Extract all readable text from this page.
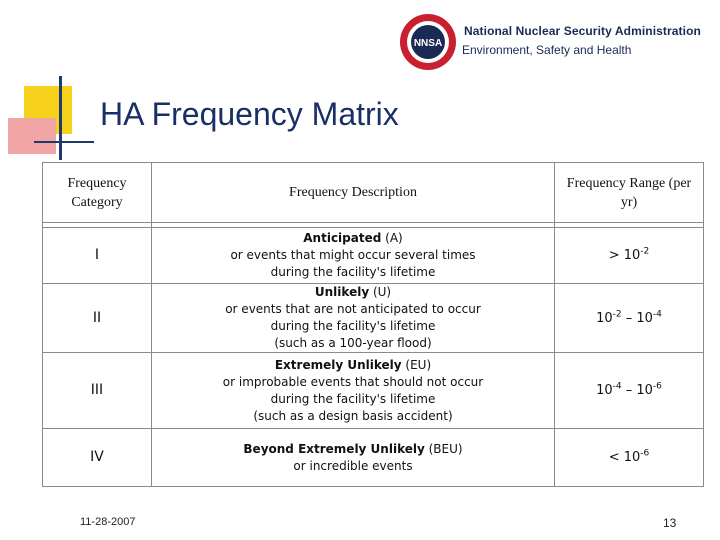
NNSA
National Nuclear Security Administration
Environment, Safety and Health
HA Frequency Matrix
Frequency Category	Frequency Description	Frequency Range (per yr)

I	Anticipated (A)
or events that might occur several times
during the facility's lifetime	> $10^{-2}$
II	Unlikely (U)
or events that are not anticipated to occur
during the facility's lifetime
(such as a 100-year flood)	$10^{-2} - 10^{-4}$
III	Extremely Unlikely (EU)
or improbable events that should not occur
during the facility's lifetime
(such as a design basis accident)	$10^{-4} - 10^{-6}$
IV	Beyond Extremely Unlikely (BEU)
or incredible events	< $10^{-6}$
11-28-2007	13
